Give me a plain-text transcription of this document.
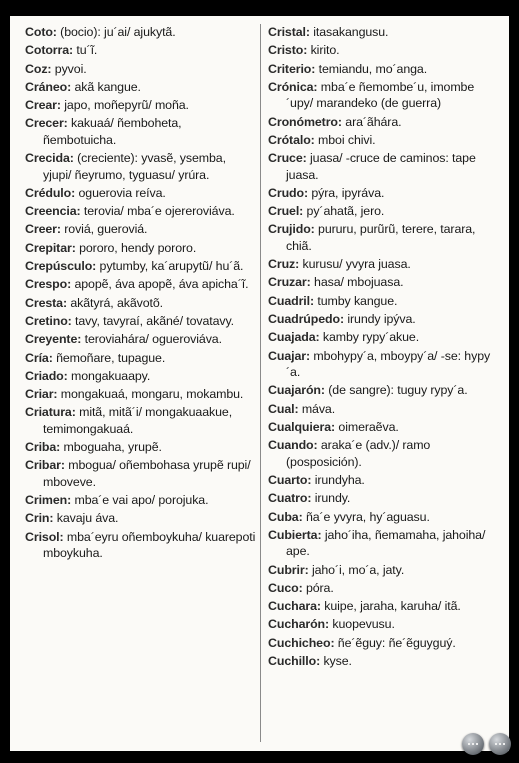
Coto: (bocio): ju´ai/ ajukytã.
Cotorra: tu´ĩ.
Coz: pyvoi.
Cráneo: akã kangue.
Crear: japo, moñepyrũ/ moña.
Crecer: kakuaá/ ñemboheta, ñembotuicha.
Crecida: (creciente): yvasẽ, ysemba, yjupi/ ñeyrumo, tyguasu/ yrúra.
Crédulo: oguerovia reíva.
Creencia: terovia/ mba´e ojereroviáva.
Creer: roviá, gueroviá.
Crepitar: pororo, hendy pororo.
Crepúsculo: pytumby, ka´arupytũ/ hu´ã.
Crespo: apopẽ, áva apopẽ, áva apicha´ĩ.
Cresta: akãtyrá, akãvotõ.
Cretino: tavy, tavyraí, akãné/ tovatavy.
Creyente: teroviahára/ ogueroviáva.
Cría: ñemoñare, tupague.
Criado: mongakuaapy.
Criar: mongakuaá, mongaru, mokambu.
Criatura: mitã, mitã´i/ mongakuaakue, temimongakuaá.
Criba: mboguaha, yrupẽ.
Cribar: mbogua/ oñembohasa yrupẽ rupi/ mboveve.
Crimen: mba´e vai apo/ porojuka.
Crin: kavaju áva.
Crisol: mba´eyru oñemboykuha/ kuarepoti mboykuha.
Cristal: itasakangusu.
Cristo: kirito.
Criterio: temiandu, mo´anga.
Crónica: mba´e ñemombe´u, imombe´upy/ marandeko (de guerra)
Cronómetro: ara´ãhára.
Crótalo: mboi chivi.
Cruce: juasa/ -cruce de caminos: tape juasa.
Crudo: pýra, ipyráva.
Cruel: py´ahatã, jero.
Crujido: pururu, purũrũ, terere, tarara, chiã.
Cruz: kurusu/ yvyra juasa.
Cruzar: hasa/ mbojuasa.
Cuadril: tumby kangue.
Cuadrúpedo: irundy ipýva.
Cuajada: kamby rypy´akue.
Cuajar: mbohypy´a, mboypy´a/ -se: hypy´a.
Cuajarón: (de sangre): tuguy rypy´a.
Cual: máva.
Cualquiera: oimeraẽva.
Cuando: araka´e (adv.)/ ramo (posposición).
Cuarto: irundyha.
Cuatro: irundy.
Cuba: ña´e yvyra, hy´aguasu.
Cubierta: jaho´iha, ñemamaha, jahoiha/ ape.
Cubrir: jaho´i, mo´a, jaty.
Cuco: póra.
Cuchara: kuipe, jaraha, karuha/ itã.
Cucharón: kuopevusu.
Cuchicheo: ñe´ẽguy: ñe´ẽguyguý.
Cuchillo: kyse.
